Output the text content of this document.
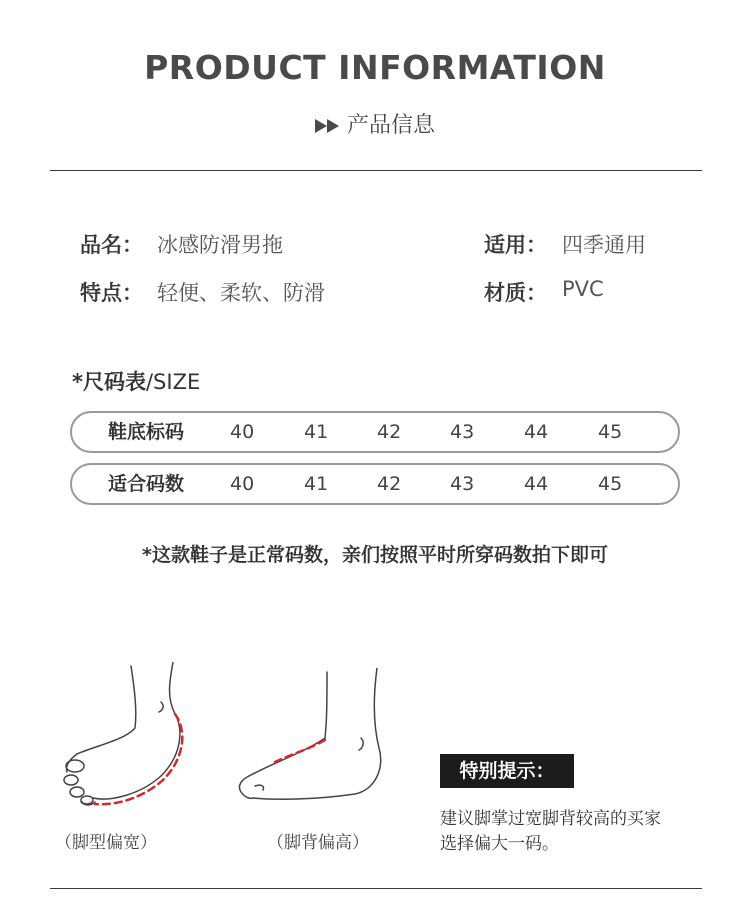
PRODUCT INFORMATION
产品信息
品名： 冰感防滑男拖	适用： 四季通用
特点： 轻便、柔软、防滑	材质： PVC
*尺码表/SIZE
鞋底标码 40	41	42	43	44	45
适合码数 40	41	42	43	44	45
*这款鞋子是正常码数，亲们按照平时所穿码数拍下即可
（脚型偏宽）	（脚背偏高）
特别提示：
建议脚掌过宽脚背较高的买家
选择偏大一码。
